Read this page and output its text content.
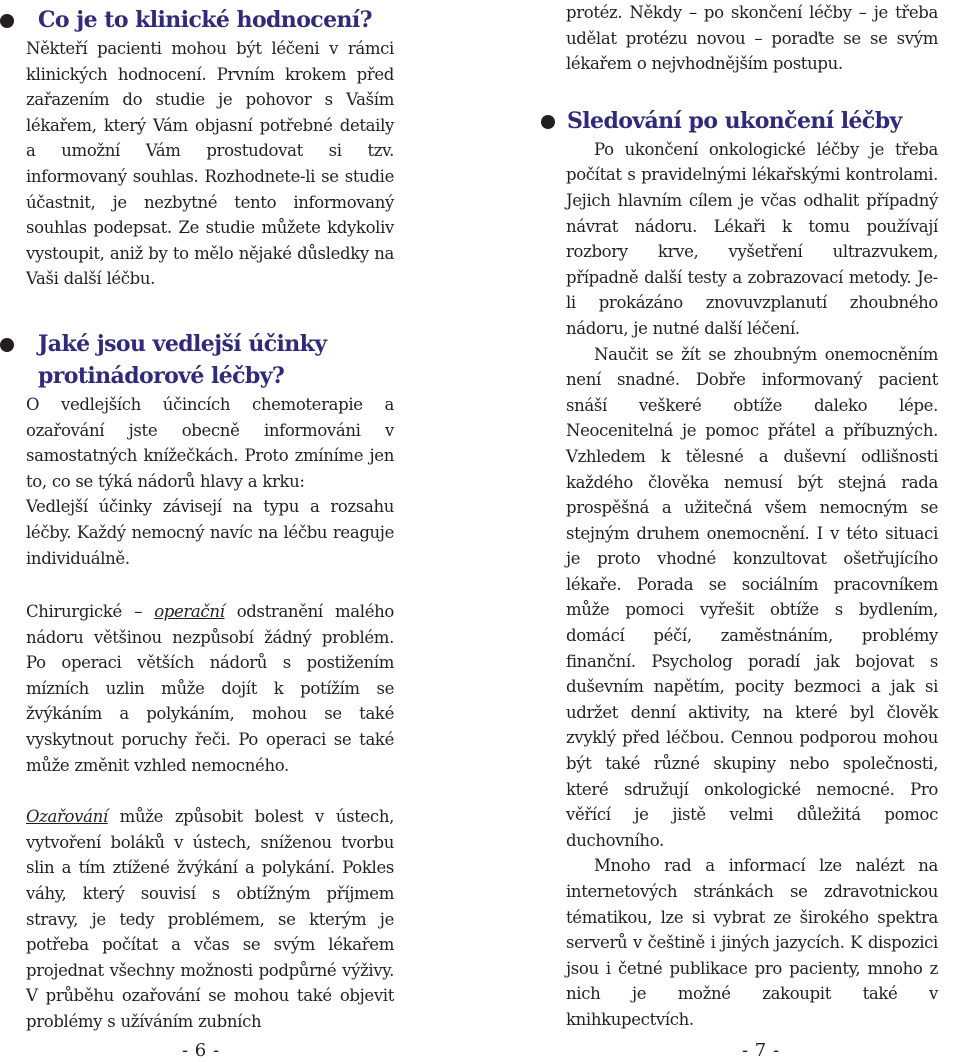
Co je to klinické hodnocení?

Někteří pacienti mohou být léčeni v rámci klinických hodnocení. Prvním krokem před zařazením do studie je pohovor s Vaším lékařem, který Vám objasní potřebné detaily a umožní Vám prostudovat si tzv. informovaný souhlas. Rozhodnete-li se studie účastnit, je nezbytné tento informovaný souhlas podepsat. Ze studie můžete kdykoliv vystoupit, aniž by to mělo nějaké důsledky na Vaši další léčbu.

Jaké jsou vedlejší účinky
protinádorové léčby?

O vedlejších účincích chemoterapie a ozařování jste obecně informováni v samostatných knížečkách. Proto zmíníme jen to, co se týká nádorů hlavy a krku:

Vedlejší účinky závisejí na typu a rozsahu léčby. Každý nemocný navíc na léčbu reaguje individuálně.

Chirurgické – operační odstranění malého nádoru většinou nezpůsobí žádný problém. Po operaci větších nádorů s postižením mízních uzlin může dojít k potížím se žvýkáním a polykáním, mohou se také vyskytnout poruchy řeči. Po operaci se také může změnit vzhled nemocného.

Ozařování může způsobit bolest v ústech, vytvoření boláků v ústech, sníženou tvorbu slin a tím ztížené žvýkání a polykání. Pokles váhy, který souvisí s obtížným příjmem stravy, je tedy problémem, se kterým je potřeba počítat a včas se svým lékařem projednat všechny možnosti podpůrné výživy. V průběhu ozařování se mohou také objevit problémy s užíváním zubních

protéz. Někdy – po skončení léčby – je třeba udělat protézu novou – poraďte se se svým lékařem o nejvhodnějším postupu.

Sledování po ukončení léčby

Po ukončení onkologické léčby je třeba počítat s pravidelnými lékařskými kontrolami. Jejich hlavním cílem je včas odhalit případný návrat nádoru. Lékaři k tomu používají rozbory krve, vyšetření ultrazvukem, případně další testy a zobrazovací metody. Je-li prokázáno znovuvzplanutí zhoubného nádoru, je nutné další léčení.

Naučit se žít se zhoubným onemocněním není snadné. Dobře informovaný pacient snáší veškeré obtíže daleko lépe. Neocenitelná je pomoc přátel a příbuzných. Vzhledem k tělesné a duševní odlišnosti každého člověka nemusí být stejná rada prospěšná a užitečná všem nemocným se stejným druhem onemocnění. I v této situaci je proto vhodné konzultovat ošetřujícího lékaře. Porada se sociálním pracovníkem může pomoci vyřešit obtíže s bydlením, domácí péčí, zaměstnáním, problémy finanční. Psycholog poradí jak bojovat s duševním napětím, pocity bezmoci a jak si udržet denní aktivity, na které byl člověk zvyklý před léčbou. Cennou podporou mohou být také různé skupiny nebo společnosti, které sdružují onkologické nemocné. Pro věřící je jistě velmi důležitá pomoc duchovního.

Mnoho rad a informací lze nalézt na internetových stránkách se zdravotnickou tématikou, lze si vybrat ze širokého spektra serverů v češtině i jiných jazycích. K dispozici jsou i četné publikace pro pacienty, mnoho z nich je možné zakoupit také v knihkupectvích.

- 6 -	- 7 -
